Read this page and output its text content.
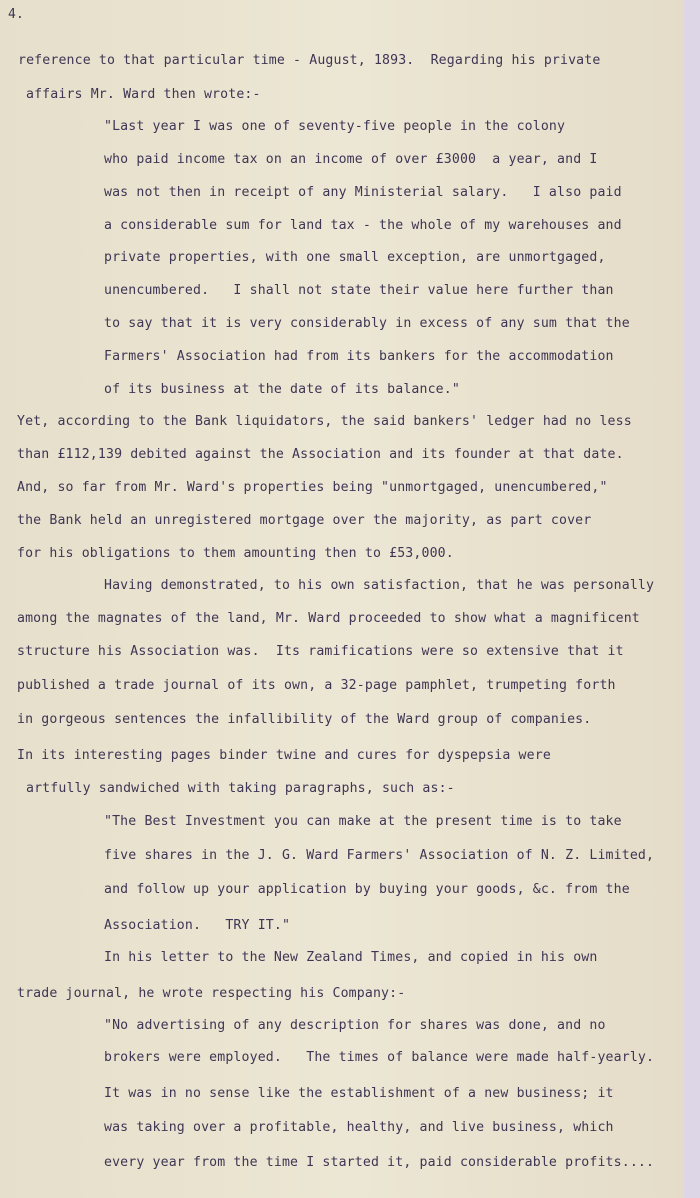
4.
reference to that particular time - August, 1893.  Regarding his private
affairs Mr. Ward then wrote:-
"Last year I was one of seventy-five people in the colony
who paid income tax on an income of over £3000  a year, and I
was not then in receipt of any Ministerial salary.   I also paid
a considerable sum for land tax - the whole of my warehouses and
private properties, with one small exception, are unmortgaged,
unencumbered.   I shall not state their value here further than
to say that it is very considerably in excess of any sum that the
Farmers' Association had from its bankers for the accommodation
of its business at the date of its balance."
Yet, according to the Bank liquidators, the said bankers' ledger had no less
than £112,139 debited against the Association and its founder at that date.
And, so far from Mr. Ward's properties being "unmortgaged, unencumbered,"
the Bank held an unregistered mortgage over the majority, as part cover
for his obligations to them amounting then to £53,000.
Having demonstrated, to his own satisfaction, that he was personally
among the magnates of the land, Mr. Ward proceeded to show what a magnificent
structure his Association was.  Its ramifications were so extensive that it
published a trade journal of its own, a 32-page pamphlet, trumpeting forth
in gorgeous sentences the infallibility of the Ward group of companies.
In its interesting pages binder twine and cures for dyspepsia were
artfully sandwiched with taking paragraphs, such as:-
"The Best Investment you can make at the present time is to take
five shares in the J. G. Ward Farmers' Association of N. Z. Limited,
and follow up your application by buying your goods, &c. from the
Association.   TRY IT."
In his letter to the New Zealand Times, and copied in his own
trade journal, he wrote respecting his Company:-
"No advertising of any description for shares was done, and no
brokers were employed.   The times of balance were made half-yearly.
It was in no sense like the establishment of a new business; it
was taking over a profitable, healthy, and live business, which
every year from the time I started it, paid considerable profits....
